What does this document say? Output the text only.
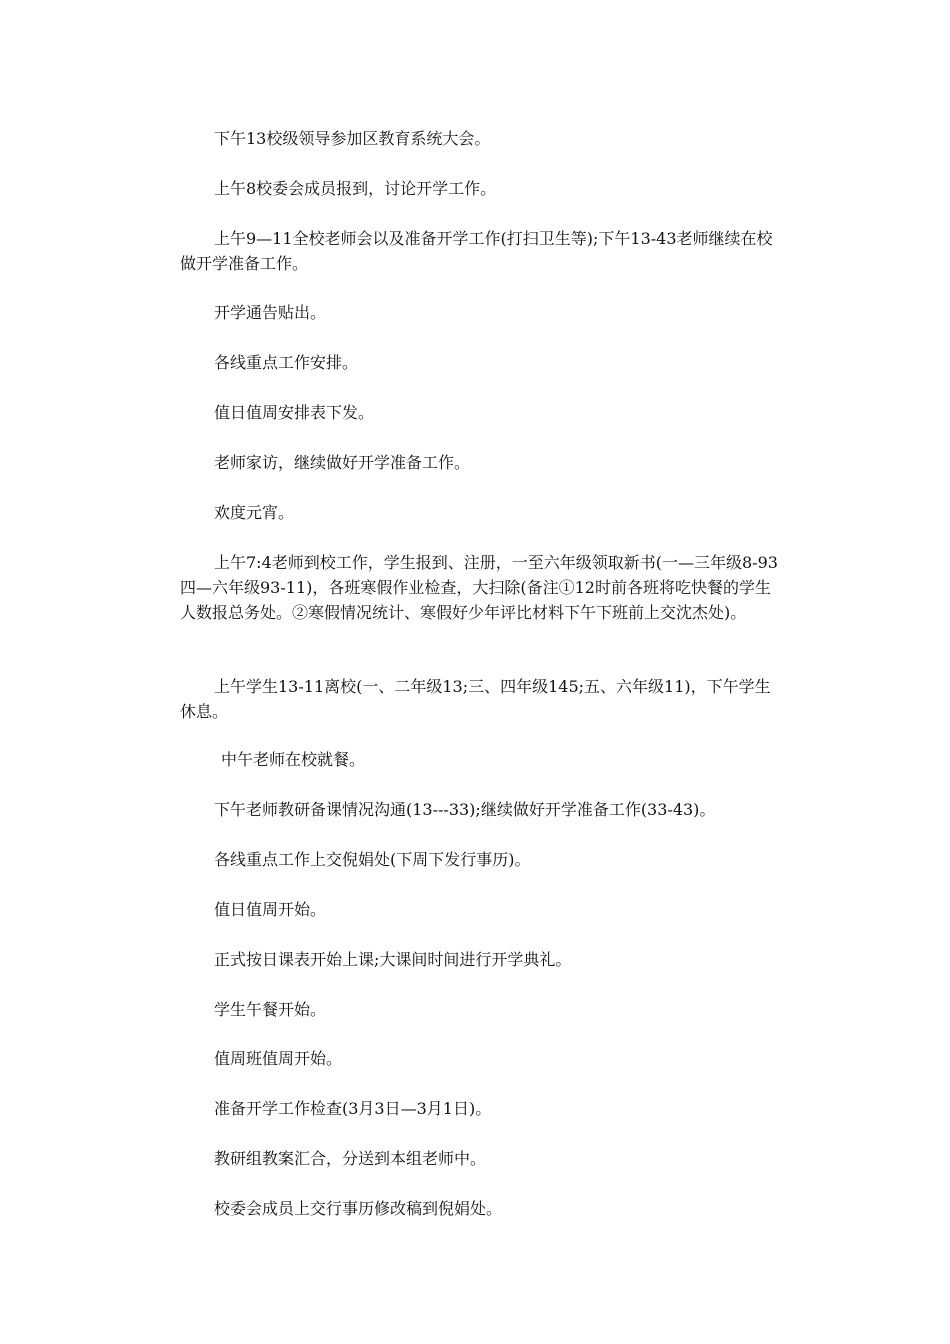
下午13校级领导参加区教育系统大会。

上午8校委会成员报到，讨论开学工作。

上午9—11全校老师会以及准备开学工作(打扫卫生等);下午13-43老师继续在校做开学准备工作。

开学通告贴出。

各线重点工作安排。

值日值周安排表下发。

老师家访，继续做好开学准备工作。

欢度元宵。

上午7:4老师到校工作，学生报到、注册，一至六年级领取新书(一—三年级8-93 四—六年级93-11)，各班寒假作业检查，大扫除(备注①12时前各班将吃快餐的学生人数报总务处。②寒假情况统计、寒假好少年评比材料下午下班前上交沈杰处)。

上午学生13-11离校(一、二年级13;三、四年级145;五、六年级11)，下午学生休息。

中午老师在校就餐。

下午老师教研备课情况沟通(13---33);继续做好开学准备工作(33-43)。

各线重点工作上交倪娟处(下周下发行事历)。

值日值周开始。

正式按日课表开始上课;大课间时间进行开学典礼。

学生午餐开始。

值周班值周开始。

准备开学工作检查(3月3日—3月1日)。

教研组教案汇合，分送到本组老师中。

校委会成员上交行事历修改稿到倪娟处。
